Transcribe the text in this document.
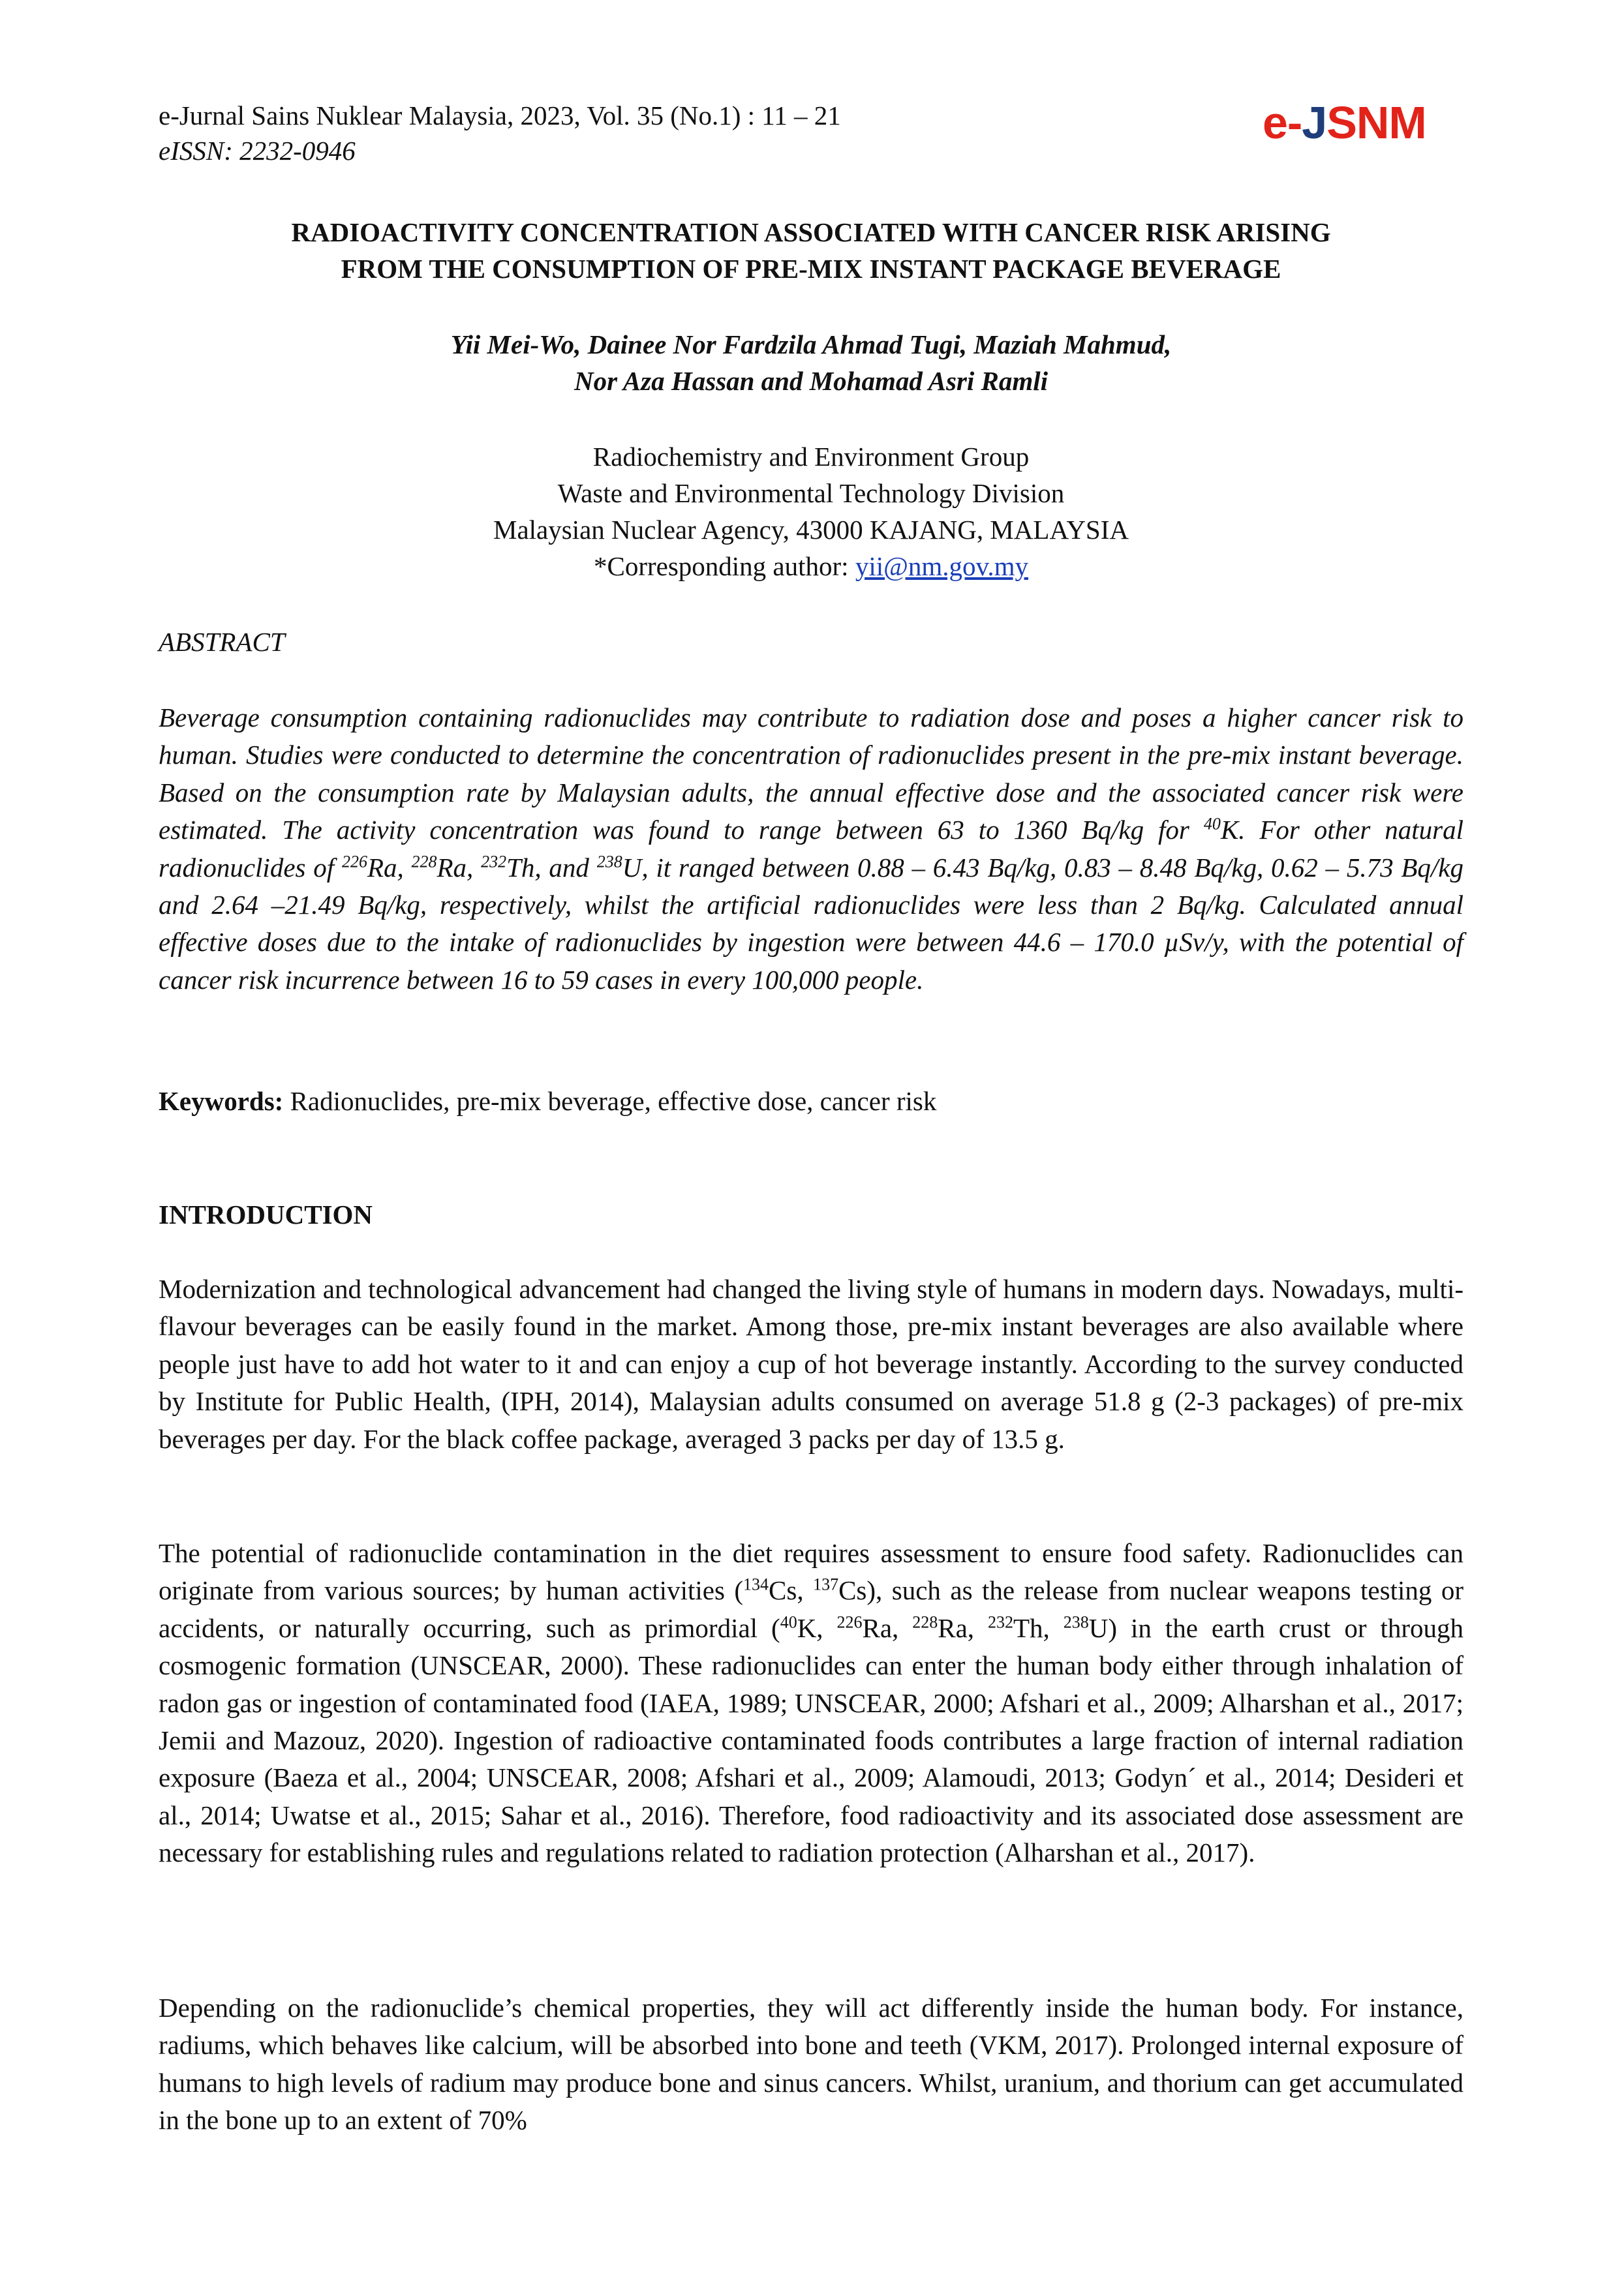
e-Jurnal Sains Nuklear Malaysia, 2023, Vol. 35 (No.1) : 11 – 21
eISSN: 2232-0946
e-JSNM
RADIOACTIVITY CONCENTRATION ASSOCIATED WITH CANCER RISK ARISING
FROM THE CONSUMPTION OF PRE-MIX INSTANT PACKAGE BEVERAGE
Yii Mei-Wo, Dainee Nor Fardzila Ahmad Tugi, Maziah Mahmud,
Nor Aza Hassan and Mohamad Asri Ramli
Radiochemistry and Environment Group
Waste and Environmental Technology Division
Malaysian Nuclear Agency, 43000 KAJANG, MALAYSIA
*Corresponding author: yii@nm.gov.my
ABSTRACT

Beverage consumption containing radionuclides may contribute to radiation dose and poses a higher cancer risk to human. Studies were conducted to determine the concentration of radionuclides present in the pre-mix instant beverage. Based on the consumption rate by Malaysian adults, the annual effective dose and the associated cancer risk were estimated. The activity concentration was found to range between 63 to 1360 Bq/kg for $^{40}$K. For other natural radionuclides of $^{226}$Ra, $^{228}$Ra, $^{232}$Th, and $^{238}$U, it ranged between 0.88 – 6.43 Bq/kg, 0.83 – 8.48 Bq/kg, 0.62 – 5.73 Bq/kg and 2.64 –21.49 Bq/kg, respectively, whilst the artificial radionuclides were less than 2 Bq/kg. Calculated annual effective doses due to the intake of radionuclides by ingestion were between 44.6 – 170.0 µSv/y, with the potential of cancer risk incurrence between 16 to 59 cases in every 100,000 people.

Keywords: Radionuclides, pre-mix beverage, effective dose, cancer risk
INTRODUCTION

Modernization and technological advancement had changed the living style of humans in modern days. Nowadays, multi-flavour beverages can be easily found in the market. Among those, pre-mix instant beverages are also available where people just have to add hot water to it and can enjoy a cup of hot beverage instantly. According to the survey conducted by Institute for Public Health, (IPH, 2014), Malaysian adults consumed on average 51.8 g (2-3 packages) of pre-mix beverages per day. For the black coffee package, averaged 3 packs per day of 13.5 g.

The potential of radionuclide contamination in the diet requires assessment to ensure food safety. Radionuclides can originate from various sources; by human activities ($^{134}$Cs, $^{137}$Cs), such as the release from nuclear weapons testing or accidents, or naturally occurring, such as primordial ($^{40}$K, $^{226}$Ra, $^{228}$Ra, $^{232}$Th, $^{238}$U) in the earth crust or through cosmogenic formation (UNSCEAR, 2000). These radionuclides can enter the human body either through inhalation of radon gas or ingestion of contaminated food (IAEA, 1989; UNSCEAR, 2000; Afshari et al., 2009; Alharshan et al., 2017; Jemii and Mazouz, 2020). Ingestion of radioactive contaminated foods contributes a large fraction of internal radiation exposure (Baeza et al., 2004; UNSCEAR, 2008; Afshari et al., 2009; Alamoudi, 2013; Godyn´ et al., 2014; Desideri et al., 2014; Uwatse et al., 2015; Sahar et al., 2016). Therefore, food radioactivity and its associated dose assessment are necessary for establishing rules and regulations related to radiation protection (Alharshan et al., 2017).

Depending on the radionuclide’s chemical properties, they will act differently inside the human body. For instance, radiums, which behaves like calcium, will be absorbed into bone and teeth (VKM, 2017). Prolonged internal exposure of humans to high levels of radium may produce bone and sinus cancers. Whilst, uranium, and thorium can get accumulated in the bone up to an extent of 70%
